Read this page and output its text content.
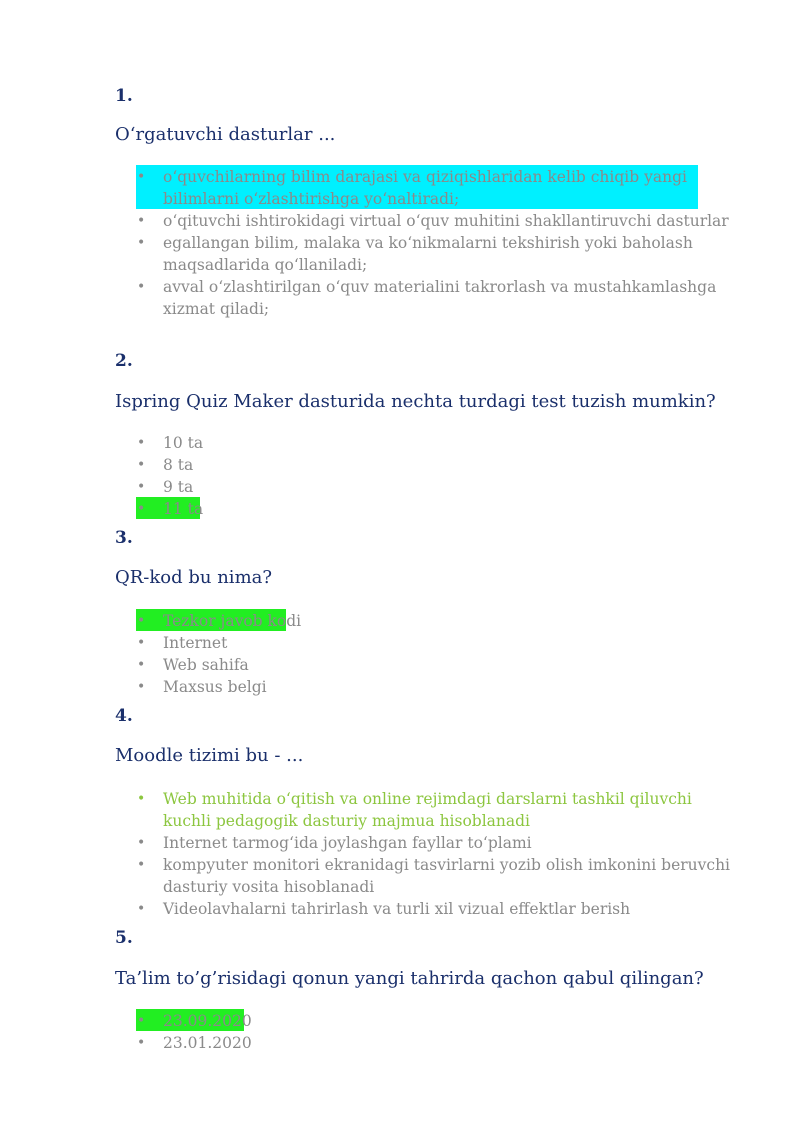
1.
O‘rgatuvchi dasturlar ...
•	o‘quvchilarning bilim darajasi va qiziqishlaridan kelib chiqib yangi bilimlarni o‘zlashtirishga yo‘naltiradi;
•	o‘qituvchi ishtirokidagi virtual o‘quv muhitini shakllantiruvchi dasturlar
•	egallangan bilim, malaka va ko‘nikmalarni tekshirish yoki baholash maqsadlarida qo‘llaniladi;
•	avval o‘zlashtirilgan o‘quv materialini takrorlash va mustahkamlashga xizmat qiladi;
2.
Ispring Quiz Maker dasturida nechta turdagi test tuzish mumkin?
•	10 ta
•	8 ta
•	9 ta
•	11 ta
3.
QR-kod bu nima?
•	Tezkor javob kodi
•	Internet
•	Web sahifa
•	Maxsus belgi
4.
Moodle tizimi bu - ...
•	Web muhitida o‘qitish va online rejimdagi darslarni tashkil qiluvchi kuchli pedagogik dasturiy majmua hisoblanadi
•	Internet tarmog‘ida joylashgan fayllar to‘plami
•	kompyuter monitori ekranidagi tasvirlarni yozib olish imkonini beruvchi dasturiy vosita hisoblanadi
•	Videolavhalarni tahrirlash va turli xil vizual effektlar berish
5.
Ta’lim to’g’risidagi qonun yangi tahrirda qachon qabul qilingan?
•	23.09.2020
•	23.01.2020
